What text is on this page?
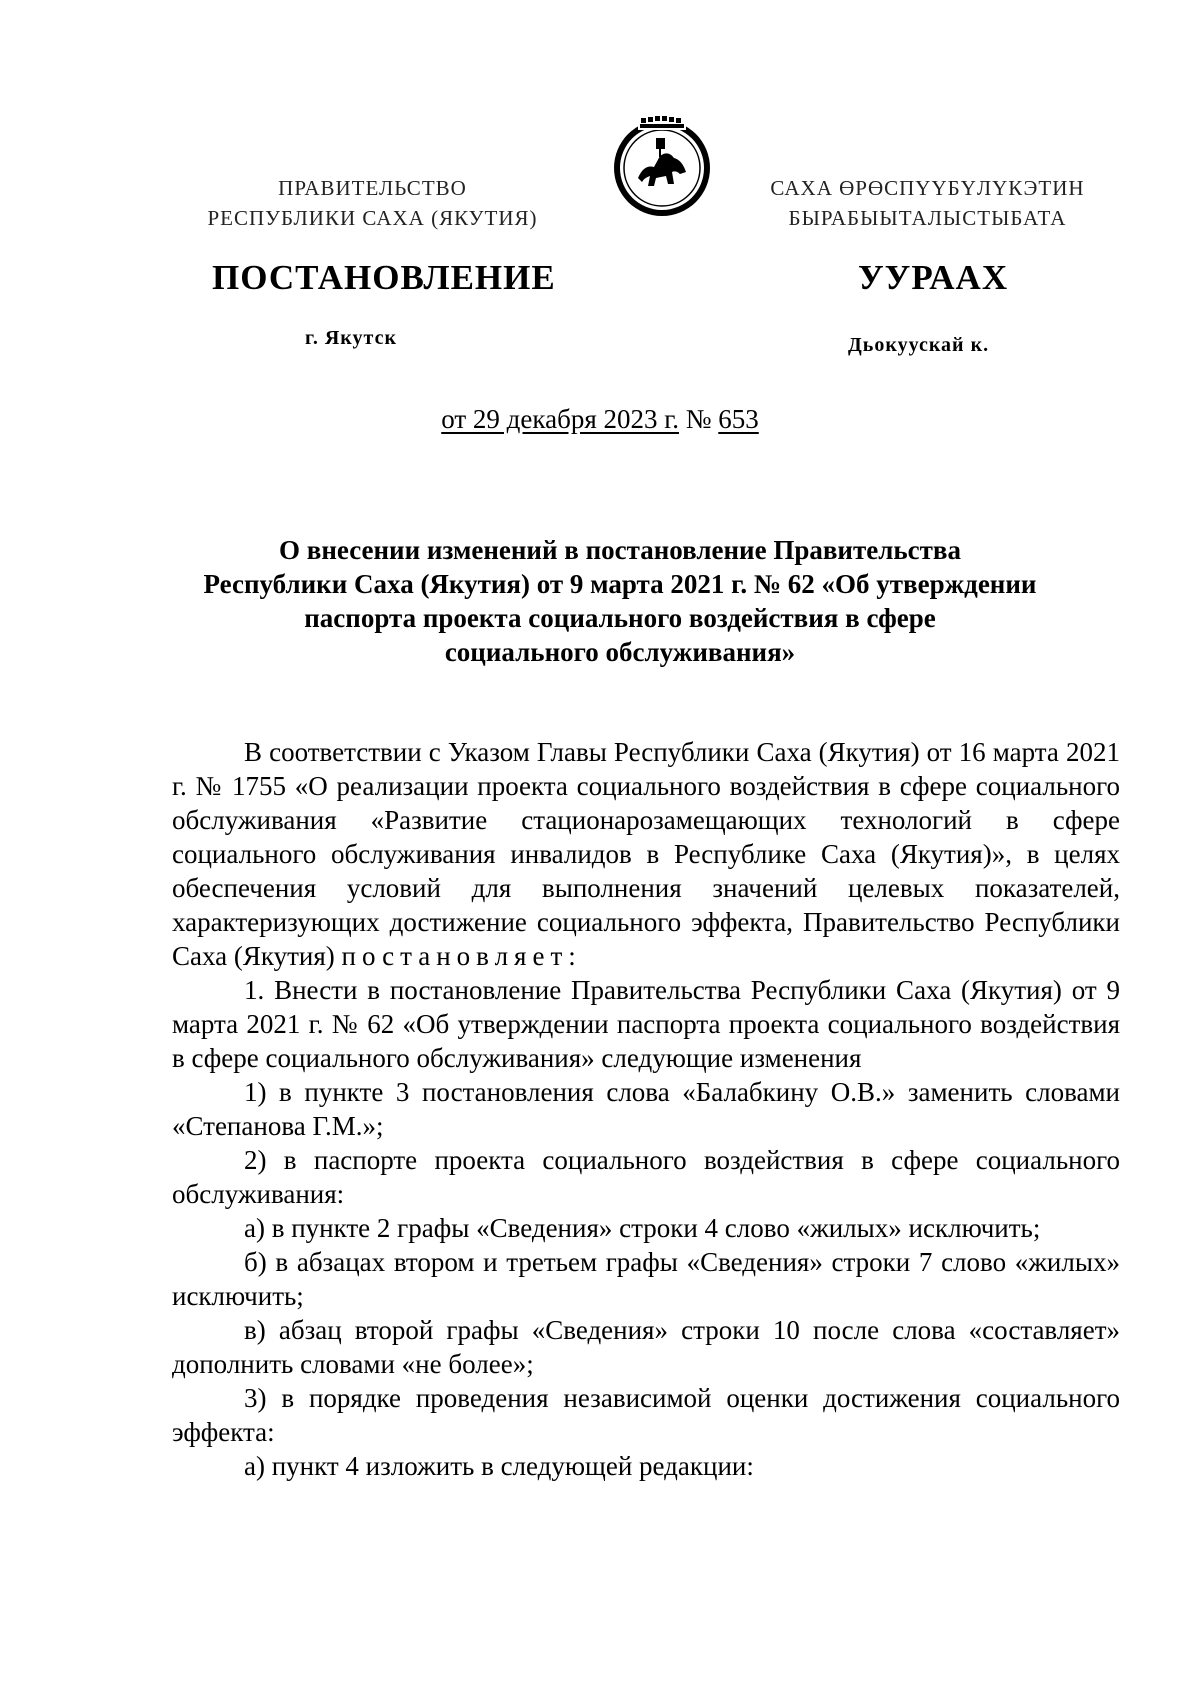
ПРАВИТЕЛЬСТВО
РЕСПУБЛИКИ САХА (ЯКУТИЯ)
САХА ӨРӨСПҮҮБҮЛҮКЭТИН
БЫРАБЫЫТАЛЫСТЫБАТА
ПОСТАНОВЛЕНИЕ	УУРААХ
г. Якутск	Дьокуускай к.
от 29 декабря 2023 г. № 653
О внесении изменений в постановление Правительства
Республики Саха (Якутия) от 9 марта 2021 г. № 62 «Об утверждении
паспорта проекта социального воздействия в сфере
социального обслуживания»

В соответствии с Указом Главы Республики Саха (Якутия) от 16 марта 2021 г. № 1755 «О реализации проекта социального воздействия в сфере социального обслуживания «Развитие стационарозамещающих технологий в сфере социального обслуживания инвалидов в Республике Саха (Якутия)», в целях обеспечения условий для выполнения значений целевых показателей, характеризующих достижение социального эффекта, Правительство Республики Саха (Якутия) постановляет:

1. Внести в постановление Правительства Республики Саха (Якутия) от 9 марта 2021 г. № 62 «Об утверждении паспорта проекта социального воздействия в сфере социального обслуживания» следующие изменения

1) в пункте 3 постановления слова «Балабкину О.В.» заменить словами «Степанова Г.М.»;

2) в паспорте проекта социального воздействия в сфере социального обслуживания:

а) в пункте 2 графы «Сведения» строки 4 слово «жилых» исключить;

б) в абзацах втором и третьем графы «Сведения» строки 7 слово «жилых» исключить;

в) абзац второй графы «Сведения» строки 10 после слова «составляет» дополнить словами «не более»;

3) в порядке проведения независимой оценки достижения социального эффекта:

а) пункт 4 изложить в следующей редакции:
